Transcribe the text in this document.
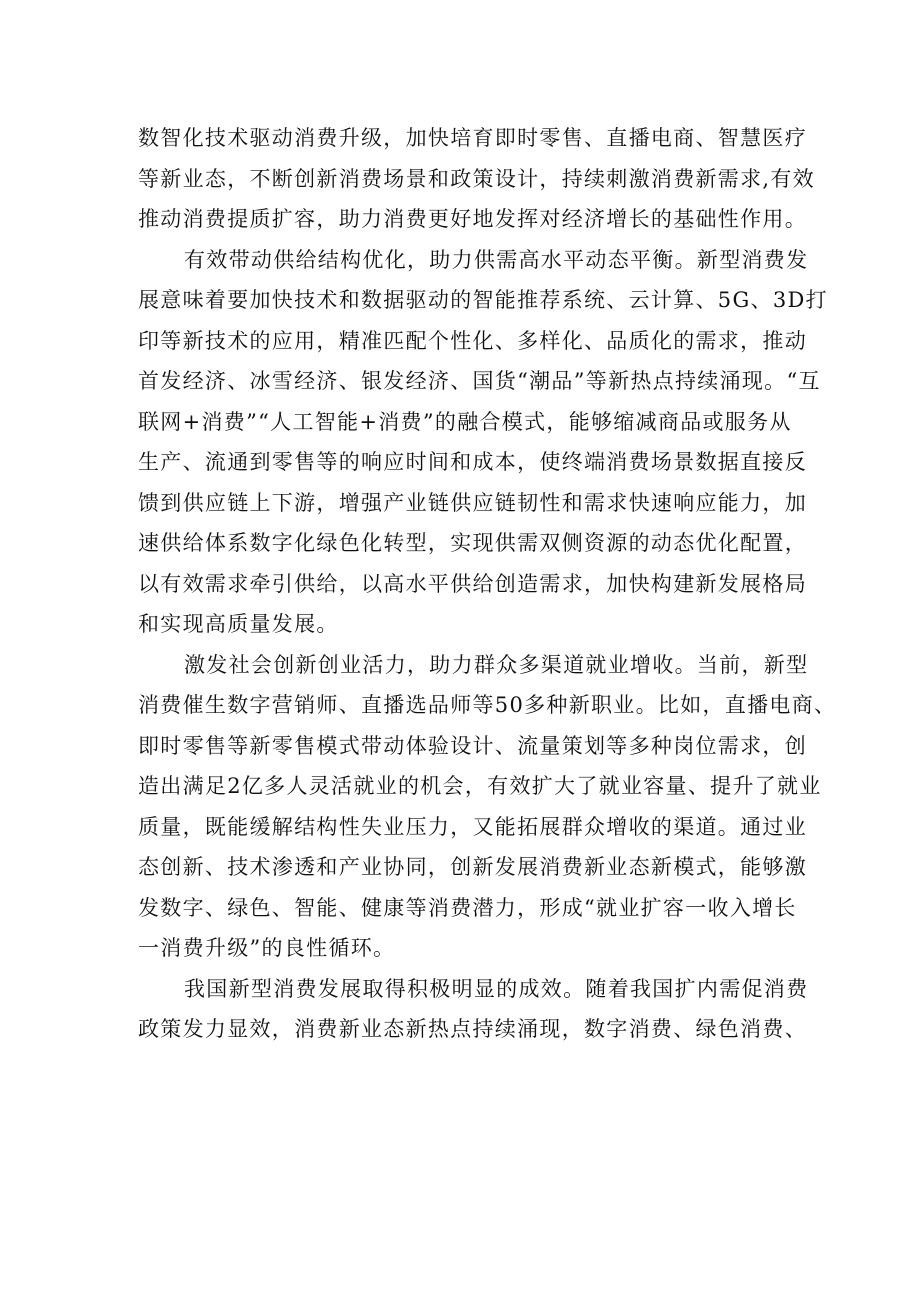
数智化技术驱动消费升级，加快培育即时零售、直播电商、智慧医疗
等新业态，不断创新消费场景和政策设计，持续刺激消费新需求,有效
推动消费提质扩容，助力消费更好地发挥对经济增长的基础性作用。
有效带动供给结构优化，助力供需高水平动态平衡。新型消费发
展意味着要加快技术和数据驱动的智能推荐系统、云计算、5G、3D打
印等新技术的应用，精准匹配个性化、多样化、品质化的需求，推动
首发经济、冰雪经济、银发经济、国货“潮品”等新热点持续涌现。“互
联网+消费”“人工智能+消费”的融合模式，能够缩减商品或服务从
生产、流通到零售等的响应时间和成本，使终端消费场景数据直接反
馈到供应链上下游，增强产业链供应链韧性和需求快速响应能力，加
速供给体系数字化绿色化转型，实现供需双侧资源的动态优化配置，
以有效需求牵引供给，以高水平供给创造需求，加快构建新发展格局
和实现高质量发展。
激发社会创新创业活力，助力群众多渠道就业增收。当前，新型
消费催生数字营销师、直播选品师等50多种新职业。比如，直播电商、
即时零售等新零售模式带动体验设计、流量策划等多种岗位需求，创
造出满足2亿多人灵活就业的机会，有效扩大了就业容量、提升了就业
质量，既能缓解结构性失业压力，又能拓展群众增收的渠道。通过业
态创新、技术渗透和产业协同，创新发展消费新业态新模式，能够激
发数字、绿色、智能、健康等消费潜力，形成“就业扩容一收入增长
一消费升级”的良性循环。
我国新型消费发展取得积极明显的成效。随着我国扩内需促消费
政策发力显效，消费新业态新热点持续涌现，数字消费、绿色消费、
